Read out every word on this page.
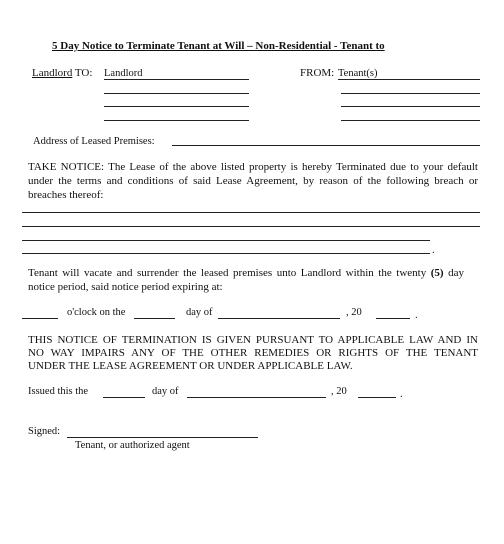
5 Day Notice to Terminate Tenant at Will – Non-Residential - Tenant to
Landlord TO: Landlord	FROM: Tenant(s)
Address of Leased Premises:
TAKE NOTICE: The Lease of the above listed property is hereby Terminated due to your default
under the terms and conditions of said Lease Agreement, by reason of the following breach or
breaches thereof:
.
Tenant will vacate and surrender the leased premises unto Landlord within the twenty (5) day
notice period, said notice period expiring at:
o'clock on the	day of	, 20	.
THIS NOTICE OF TERMINATION IS GIVEN PURSUANT TO APPLICABLE LAW AND IN
NO WAY IMPAIRS ANY OF THE OTHER REMEDIES OR RIGHTS OF THE TENANT
UNDER THE LEASE AGREEMENT OR UNDER APPLICABLE LAW.
Issued this the	day of	, 20	.
Signed:
Tenant, or authorized agent
